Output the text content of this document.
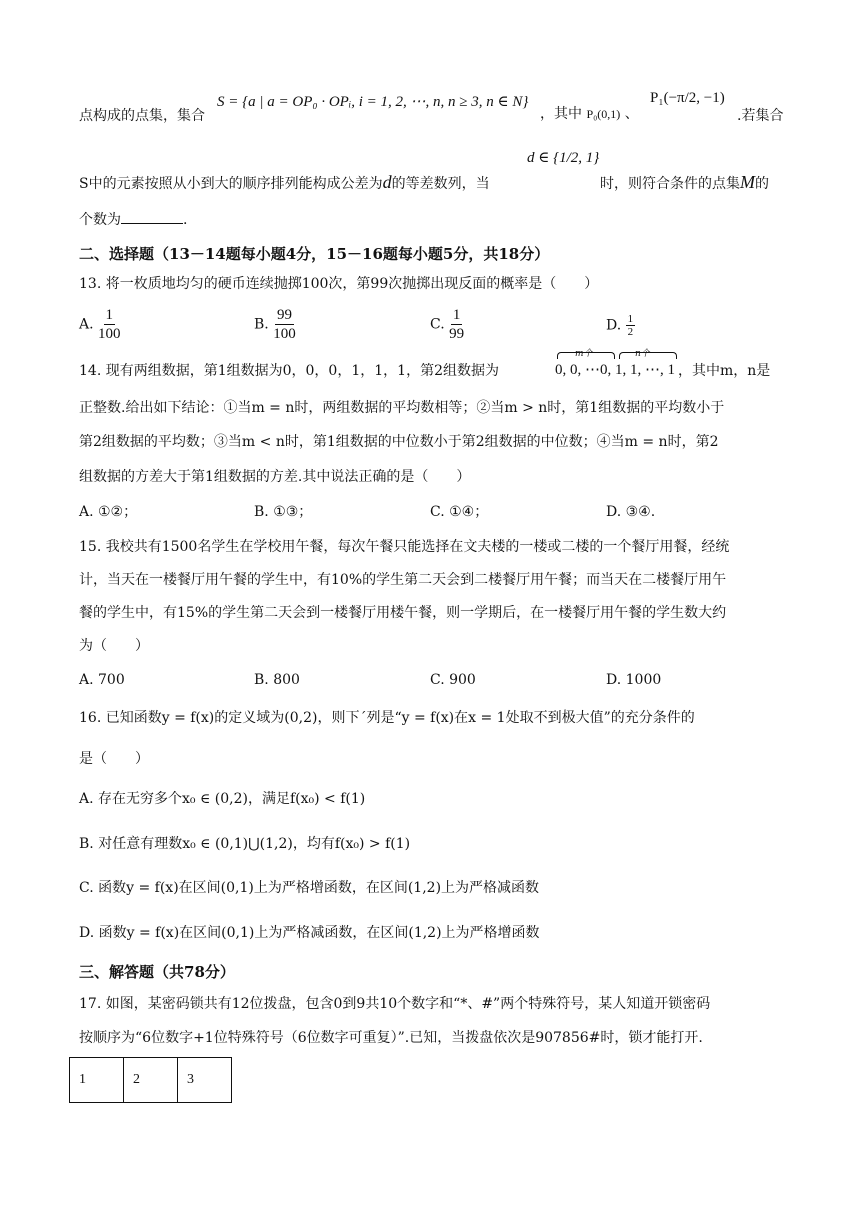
点构成的点集，集合
S = {a | a = OP₀ · OPᵢ, i = 1, 2, ⋯, n, n ≥ 3, n ∈ N}
，其中 P₀(0,1) 、
P₁(−π/2, −1)
.若集合
S中的元素按照从小到大的顺序排列能构成公差为d的等差数列，当
d ∈ {1/2, 1}
时，则符合条件的点集M的
个数为	.
二、选择题（13－14题每小题4分，15－16题每小题5分，共18分）
13. 将一枚质地均匀的硬币连续抛掷100次，第99次抛掷出现反面的概率是（　　）
A. $\frac{1}{100}$	B. $\frac{99}{100}$	C. $\frac{1}{99}$	D. $\frac{1}{2}$
14. 现有两组数据，第1组数据为0，0，0，1，1，1，第2组数据为
m个	n个
0, 0, ⋯0, 1, 1, ⋯, 1 ，其中m，n是
正整数.给出如下结论：①当m = n时，两组数据的平均数相等；②当m > n时，第1组数据的平均数小于
第2组数据的平均数；③当m < n时，第1组数据的中位数小于第2组数据的中位数；④当m = n时，第2
组数据的方差大于第1组数据的方差.其中说法正确的是（　　）
A. ①②；	B. ①③；	C. ①④；	D. ③④.
15. 我校共有1500名学生在学校用午餐，每次午餐只能选择在文夫楼的一楼或二楼的一个餐厅用餐，经统
计，当天在一楼餐厅用午餐的学生中，有10%的学生第二天会到二楼餐厅用午餐；而当天在二楼餐厅用午
餐的学生中，有15%的学生第二天会到一楼餐厅用楼午餐，则一学期后，在一楼餐厅用午餐的学生数大约
为（　　）
A. 700	B. 800	C. 900	D. 1000
16. 已知函数y = f(x)的定义域为(0,2)，则下ˊ列是“y = f(x)在x = 1处取不到极大值”的充分条件的
是（　　）
A. 存在无穷多个x₀ ∈ (0,2)，满足f(x₀) < f(1)
B. 对任意有理数x₀ ∈ (0,1)⋃(1,2)，均有f(x₀) > f(1)
C. 函数y = f(x)在区间(0,1)上为严格增函数，在区间(1,2)上为严格减函数
D. 函数y = f(x)在区间(0,1)上为严格减函数，在区间(1,2)上为严格增函数
三、解答题（共78分）
17. 如图，某密码锁共有12位拨盘，包含0到9共10个数字和“*、#”两个特殊符号，某人知道开锁密码
按顺序为“6位数字+1位特殊符号（6位数字可重复）”.已知，当拨盘依次是907856#时，锁才能打开.
1	2	3
